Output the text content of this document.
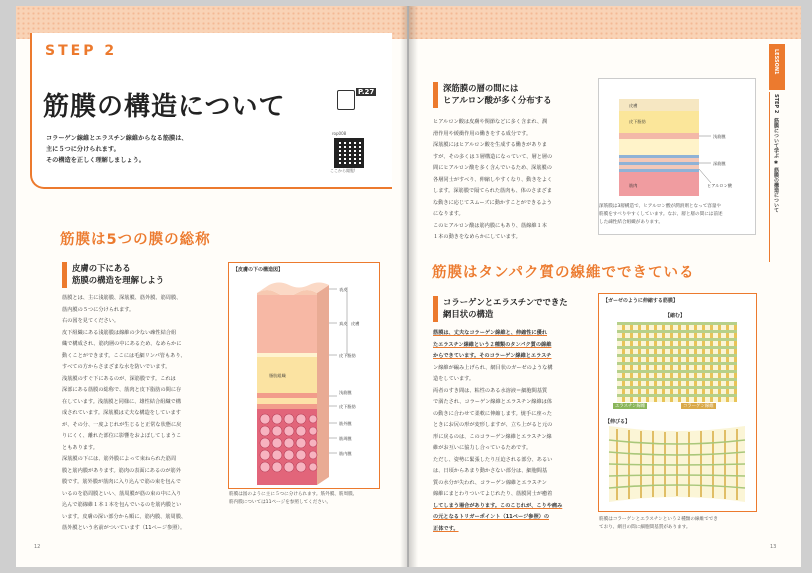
STEP 2
筋膜の構造について
コラーゲン線維とエラスチン線維からなる筋膜は、
主に５つに分けられます。
その構造を正しく理解しましょう。
P.27
rop008
ここから閲覧!
筋膜は5つの膜の総称
皮膚の下にある
筋膜の構造を理解しよう
筋膜とは、主に浅筋膜、深筋膜、筋外膜、筋周膜、
筋内膜の５つに分けられます。
右の図を見てください。
皮下組織にある浅筋膜は線維の少ない疎性結合組
織で構成され、筋肉層の中にあるため、なめらかに
動くことができます。ここには毛細リンパ管もあり、
すべての方からさまざまな水を防いでいます。
浅筋膜のすぐ下にあるのが、深筋膜です。これは
深部にある筋膜の総称で、筋肉と皮下脂肪の間に存
在しています。浅筋膜と同様に、雄性結合組織で構
成されています。深筋膜は丈夫な構造をしています
が、その分、一度よじれが生じると正常な状態に戻
りにくく、離れた部位に影響をおよぼしてしまうこ
ともあります。
深筋膜の下には、筋外膜によって束ねられた筋周
膜と筋内膜があります。筋肉の表面にあるのが筋外
膜です。筋外膜が筋肉に入り込んで筋の束を包んで
いるのを筋周膜といい、筋周膜が筋の束の中に入り
込んで筋線維１本１本を包んでいるのを筋内膜とい
います。皮膚の深い部分から順に、筋内膜、筋周膜、
筋外膜という名前がついています（11ページ参照）。
【皮膚の下の構造図】
表皮
真皮 皮膚
皮下脂肪
浅筋膜
皮下脂肪
筋外膜
筋周膜
筋内膜
脂肪組織
筋膜は図のように主に５つに分けられます。筋外膜、筋周膜、
筋内膜については11ページを参照してください。
12
深筋膜の層の間には
ヒアルロン酸が多く分布する
ヒアルロン酸は皮膚や関節などに多く含まれ、潤
滑作用や緩衝作用の働きをする成分です。
深筋膜にはヒアルロン酸を生成する働きがありま
すが、その多くは３層構造になっていて、層と層の
間にヒアルロン酸を多く含んでいるため、深筋膜の
各層同士がすべり、伸縮しやすくなり、動きをよく
します。深筋膜で隔てられた筋肉も、体のさまざま
な動きに応じてスムーズに動かすことができるよう
になります。
このヒアルロン酸は筋内膜にもあり、筋線維１本
１本の動きをなめらかにしています。
皮膚
皮下脂肪
浅筋膜
深筋膜
ヒアルロン酸
筋肉
深筋膜は3層構造で、ヒアルロン酸が潤滑剤となって容量や
筋膜をすべりやすくしています。なお、層と層の間には前述
した疎性結合組織があります。
筋膜はタンパク質の線維でできている
コラーゲンとエラスチンでできた
網目状の構造
筋膜は、丈夫なコラーゲン線維と、伸縮性に優れ
たエラスチン線維という２種類のタンパク質の線維
からできています。そのコラーゲン線維とエラスチ
ン線維が編み上げられ、網目状のガーゼのような構
造をしています。
両者のすき間は、粘性のある水溶液＝細胞間基質
で満たされ、コラーゲン線維とエラスチン線維は体
の動きに合わせて柔軟に伸縮します。焼手に座った
ときにお尻の形が変形しますが、立ち上がると元の
形に戻るのは、このコラーゲン線維とエラスチン線
維がお互いに協力し合っているためです。
ただし、姿勢に緊張したり圧迫される部分、あるい
は、日頃からあまり動かさない部分は、細胞間基
質の水分が失われ、コラーゲン線維とエラスチン
線維にまとわりついてよじれたり、筋膜同士が癒着
してしまう場合があります。このこじれが、こりや痛み
の元となるトリガーポイント（11ページ参照）の
正体です。
【ガーゼのように伸縮する筋膜】
【縮む】
エラスチン線維	コラーゲン線維
【伸びる】
筋膜はコラーゲンとエラスチンという２種類の線維ででき
ており、網目の間に細胞間基質があります。
LESSON1
STEP 2　筋膜について学ぶ ✱ 筋膜の構造について
13
